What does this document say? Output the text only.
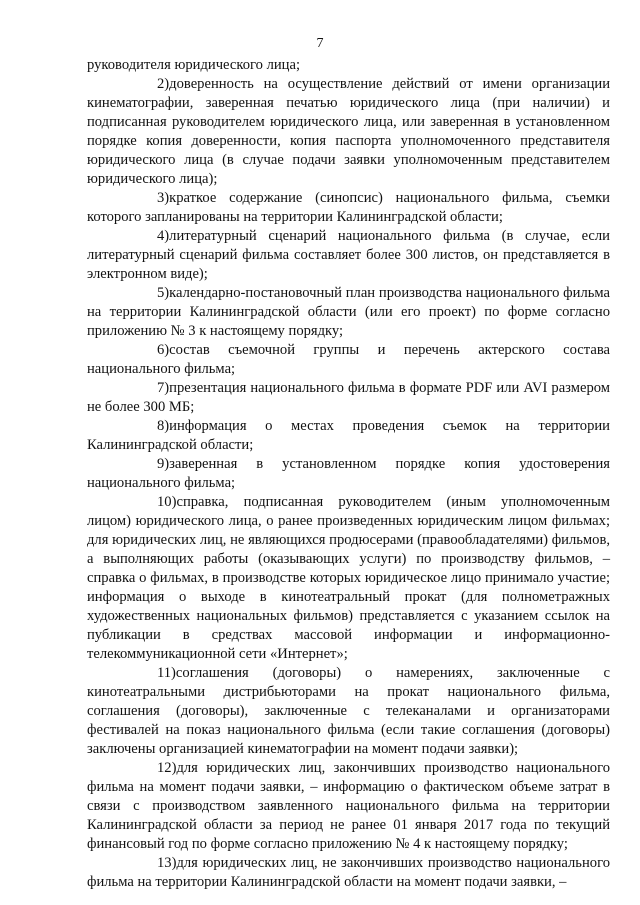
7

руководителя юридического лица;

2)доверенность на осуществление действий от имени организации кинематографии, заверенная печатью юридического лица (при наличии) и подписанная руководителем юридического лица, или заверенная в установленном порядке копия доверенности, копия паспорта уполномоченного представителя юридического лица (в случае подачи заявки уполномоченным представителем юридического лица);

3)краткое содержание (синопсис) национального фильма, съемки которого запланированы на территории Калининградской области;

4)литературный сценарий национального фильма (в случае, если литературный сценарий фильма составляет более 300 листов, он представляется в электронном виде);

5)календарно-постановочный план производства национального фильма на территории Калининградской области (или его проект) по форме согласно приложению № 3 к настоящему порядку;

6)состав съемочной группы и перечень актерского состава национального фильма;

7)презентация национального фильма в формате PDF или AVI размером не более 300 МБ;

8)информация о местах проведения съемок на территории Калининградской области;

9)заверенная в установленном порядке копия удостоверения национального фильма;

10)справка, подписанная руководителем (иным уполномоченным лицом) юридического лица, о ранее произведенных юридическим лицом фильмах; для юридических лиц, не являющихся продюсерами (правообладателями) фильмов, а выполняющих работы (оказывающих услуги) по производству фильмов, – справка о фильмах, в производстве которых юридическое лицо принимало участие; информация о выходе в кинотеатральный прокат (для полнометражных художественных национальных фильмов) представляется с указанием ссылок на публикации в средствах массовой информации и информационно-телекоммуникационной сети «Интернет»;

11)соглашения (договоры) о намерениях, заключенные с кинотеатральными дистрибьюторами на прокат национального фильма, соглашения (договоры), заключенные с телеканалами и организаторами фестивалей на показ национального фильма (если такие соглашения (договоры) заключены организацией кинематографии на момент подачи заявки);

12)для юридических лиц, закончивших производство национального фильма на момент подачи заявки, – информацию о фактическом объеме затрат в связи с производством заявленного национального фильма на территории Калининградской области за период не ранее 01 января 2017 года по текущий финансовый год по форме согласно приложению № 4 к настоящему порядку;

13)для юридических лиц, не закончивших производство национального фильма на территории Калининградской области на момент подачи заявки, –
